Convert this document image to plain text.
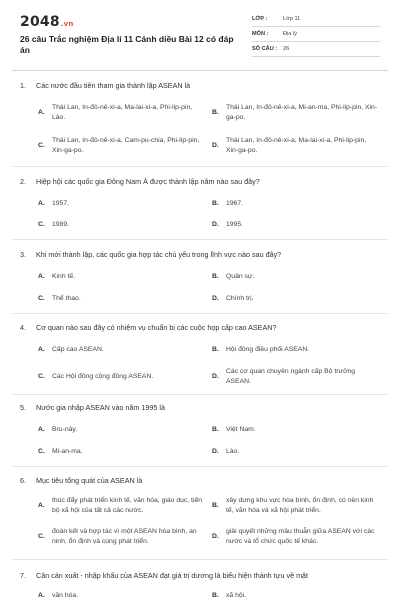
2048.vn
26 câu Trắc nghiệm Địa lí 11 Cánh diều Bài 12 có đáp án
LỚP :	Lớp 11
MÔN :	Địa lý
SỐ CÂU : 26
1. Các nước đầu tiên tham gia thành lập ASEAN là
A.
Thái Lan, In-đô-nê-xi-a, Ma-lai-xi-a, Phi-lip-pin, Lào.
B.
Thái Lan, In-đô-nê-xi-a, Mi-an-ma, Phi-lip-pin, Xin-ga-po.
C.
Thái Lan, In-đô-nê-xi-a, Cam-pu-chia, Phi-lip-pin, Xin-ga-po.
D.
Thái Lan, In-đô-nê-xi-a, Ma-lai-xi-a, Phi-lip-pin, Xin-ga-po.
2. Hiệp hội các quốc gia Đông Nam Á được thành lập năm nào sau đây?
A.	1957.	B.	1967.
C.	1989.	D.	1995.
3. Khi mới thành lập, các quốc gia hợp tác chủ yếu trong lĩnh vực nào sau đây?
A.	Kinh tế.	B.	Quân sự.
C.	Thể thao.	D.	Chính trị.
4. Cơ quan nào sau đây có nhiệm vụ chuẩn bị các cuộc họp cấp cao ASEAN?
A.	Cấp cao ASEAN.	B.	Hội đồng điều phối ASEAN.
C.	Các Hội đồng cộng đồng ASEAN.	D.
Các cơ quan chuyên ngành cấp Bộ trưởng ASEAN.
5. Nước gia nhập ASEAN vào năm 1995 là
A.	Bru-nây.	B.	Việt Nam.
C.	Mi-an-ma.	D.	Lào.
6. Mục tiêu tổng quát của ASEAN là
A.
thúc đẩy phát triển kinh tế, văn hóa, giáo dục, tiến bộ xã hội của tất cả các nước.
B.
xây dựng khu vực hòa bình, ổn định, có nền kinh tế, văn hóa và xã hội phát triển.
C.
đoàn kết và hợp tác vì một ASEAN hòa bình, an ninh, ổn định và cùng phát triển.
D.
giải quyết những mâu thuẫn giữa ASEAN với các nước và tổ chức quốc tế khác.
7. Căn cán xuất - nhập khẩu của ASEAN đạt giá trị dương là biểu hiện thành tựu về mặt
A.	văn hóa.	B.	xã hội.
